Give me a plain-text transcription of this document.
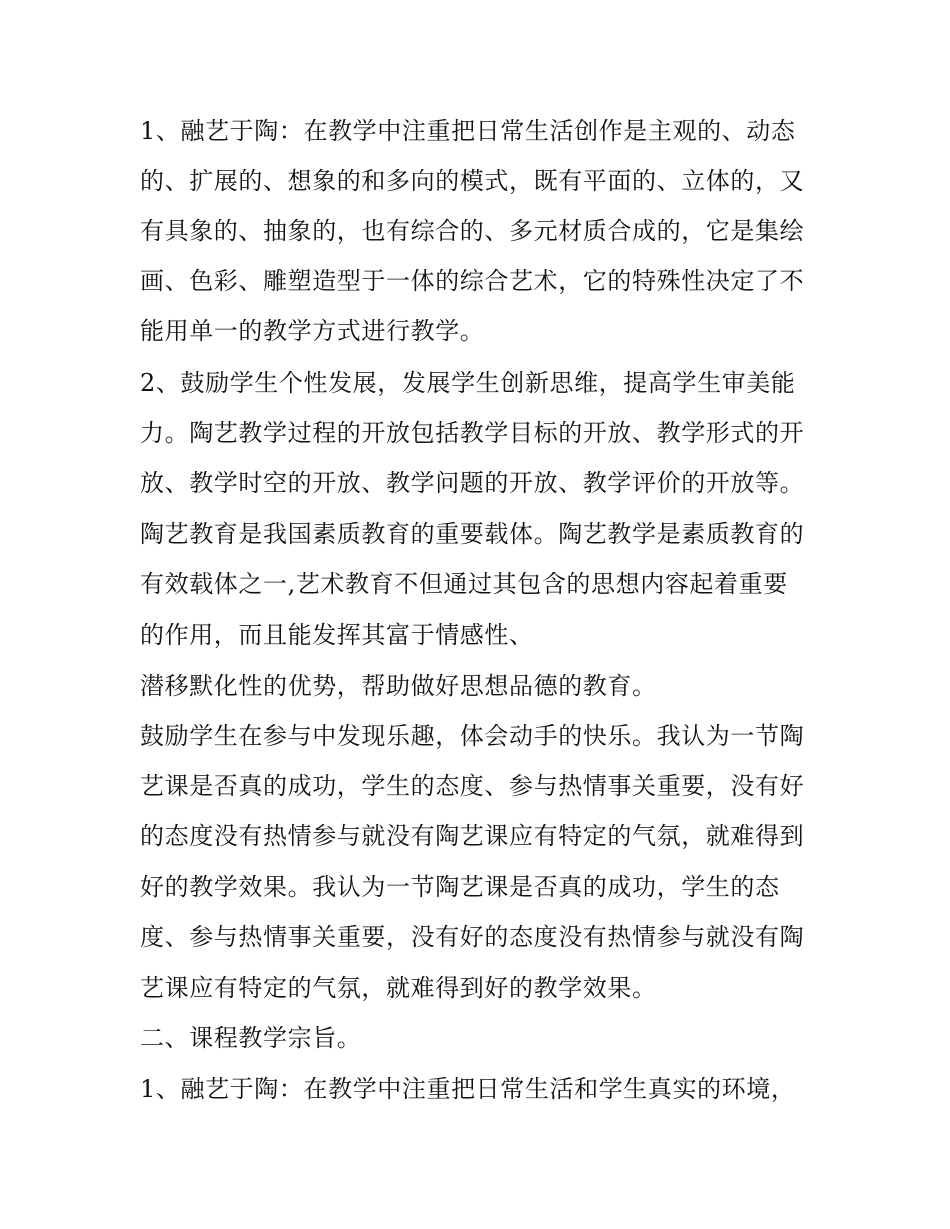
1、融艺于陶：在教学中注重把日常生活创作是主观的、动态
的、扩展的、想象的和多向的模式，既有平面的、立体的，又
有具象的、抽象的，也有综合的、多元材质合成的，它是集绘
画、色彩、雕塑造型于一体的综合艺术，它的特殊性决定了不
能用单一的教学方式进行教学。
2、鼓励学生个性发展，发展学生创新思维，提高学生审美能
力。陶艺教学过程的开放包括教学目标的开放、教学形式的开
放、教学时空的开放、教学问题的开放、教学评价的开放等。
陶艺教育是我国素质教育的重要载体。陶艺教学是素质教育的
有效载体之一,艺术教育不但通过其包含的思想内容起着重要
的作用，而且能发挥其富于情感性、
潜移默化性的优势，帮助做好思想品德的教育。
鼓励学生在参与中发现乐趣，体会动手的快乐。我认为一节陶
艺课是否真的成功，学生的态度、参与热情事关重要，没有好
的态度没有热情参与就没有陶艺课应有特定的气氛，就难得到
好的教学效果。我认为一节陶艺课是否真的成功，学生的态
度、参与热情事关重要，没有好的态度没有热情参与就没有陶
艺课应有特定的气氛，就难得到好的教学效果。
二、课程教学宗旨。
1、融艺于陶：在教学中注重把日常生活和学生真实的环境，
